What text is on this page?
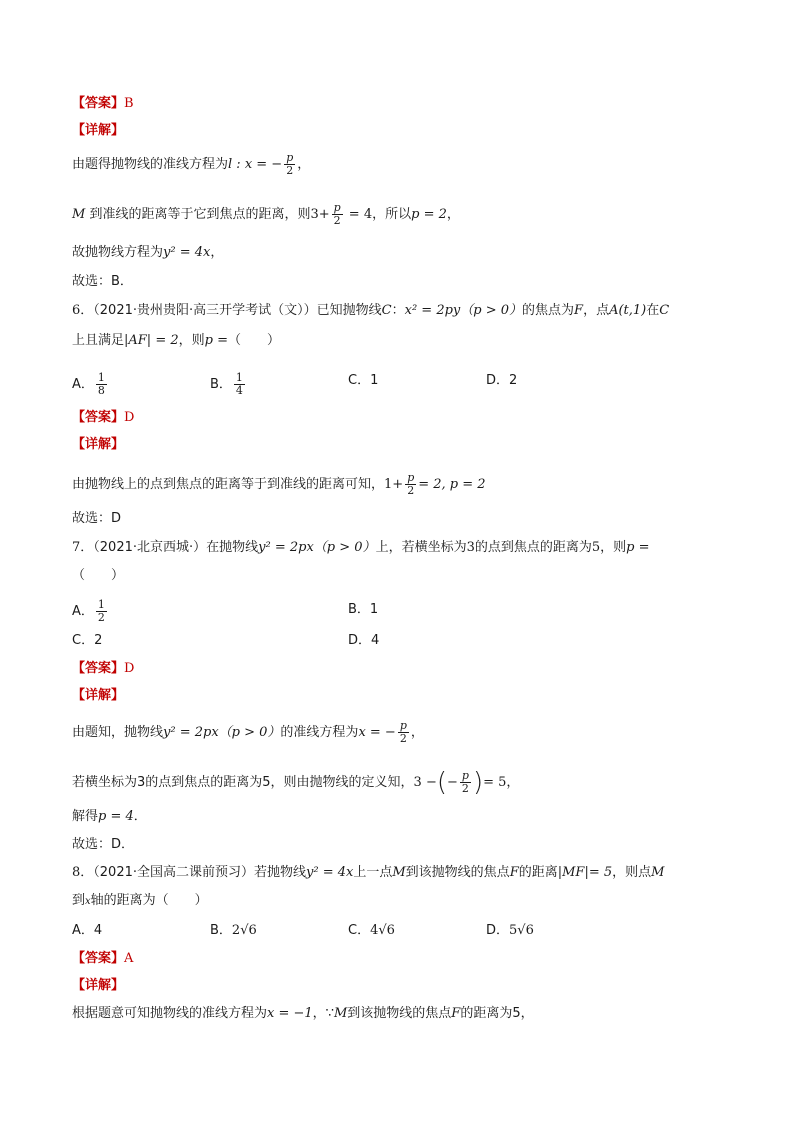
【答案】B
【详解】
由题得抛物线的准线方程为l : x = − $\frac{p}{2}$ ，
M 到准线的距离等于它到焦点的距离，则$3+ \frac{p}{2} = 4$，所以p = 2，
故抛物线方程为y² = 4x，
故选：B．
6．（2021·贵州贵阳·高三开学考试（文））已知抛物线C：x² = 2py（p > 0）的焦点为F，点A(t,1)在C
上且满足|AF| = 2，则p =（　　）
A． $\frac{1}{8}$	B． $\frac{1}{4}$	C．1	D．2
【答案】D
【详解】
由抛物线上的点到焦点的距离等于到准线的距离可知，$1+ \frac{p}{2} = 2$, p = 2
故选：D
7．（2021·北京西城·）在抛物线y² = 2px（p > 0）上，若横坐标为3的点到焦点的距离为5，则p =
（　　）
A． $\frac{1}{2}$	B．1
C．2	D．4
【答案】D
【详解】
由题知，抛物线y² = 2px（p > 0）的准线方程为x = − $\frac{p}{2}$ ，
若横坐标为3的点到焦点的距离为5，则由抛物线的定义知，3 −(− $\frac{p}{2}$ )= 5，
解得p = 4．
故选：D．
8．（2021·全国高二课前预习）若抛物线y² = 4x上一点M到该抛物线的焦点F的距离|MF|= 5，则点M
到x轴的距离为（　　）
A．4	B．2√6	C．4√6	D．5√6
【答案】A
【详解】
根据题意可知抛物线的准线方程为x = −1，∵M到该抛物线的焦点F的距离为5，
